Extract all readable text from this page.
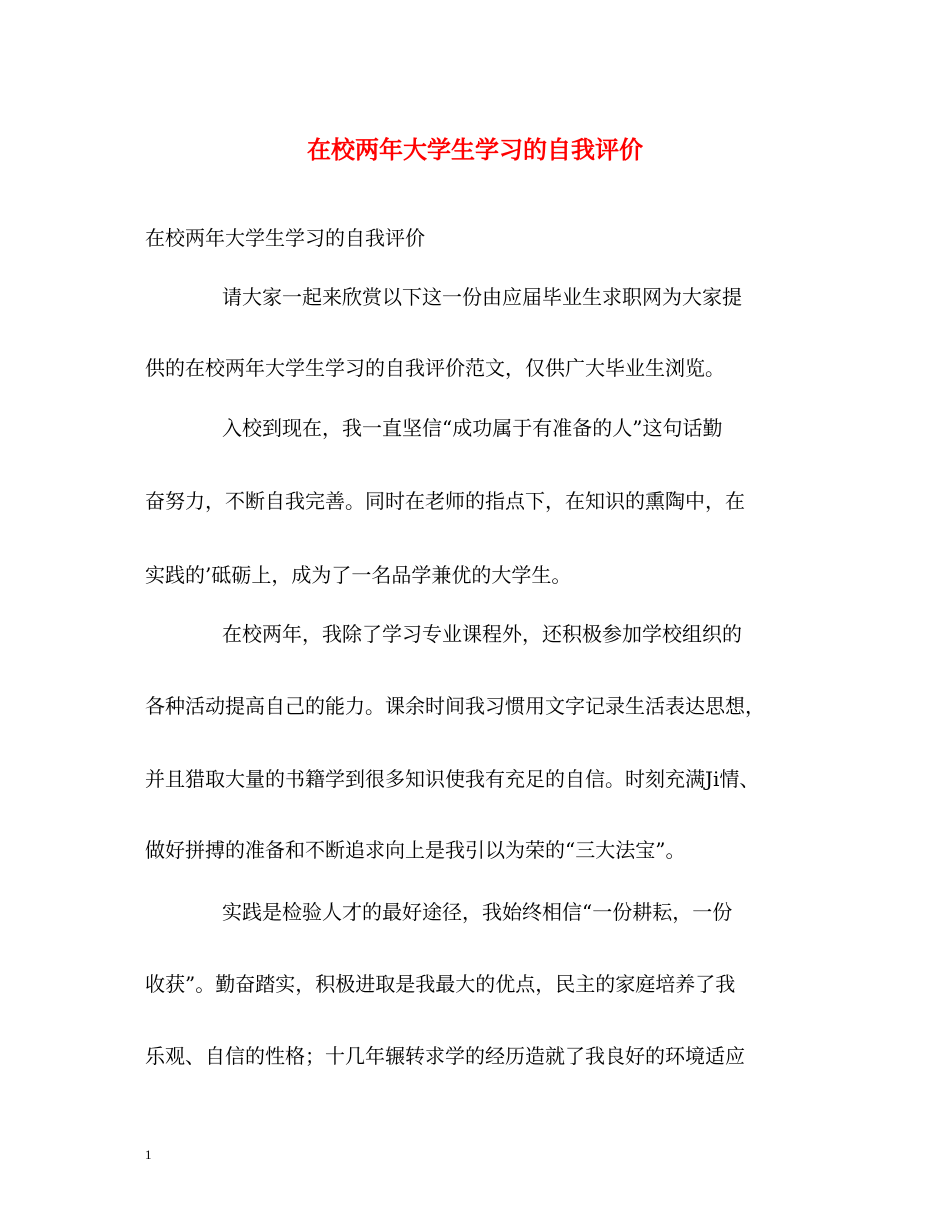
在校两年大学生学习的自我评价
在校两年大学生学习的自我评价
请大家一起来欣赏以下这一份由应届毕业生求职网为大家提
供的在校两年大学生学习的自我评价范文，仅供广大毕业生浏览。
入校到现在，我一直坚信“成功属于有准备的人”这句话勤
奋努力，不断自我完善。同时在老师的指点下，在知识的熏陶中，在
实践的’砥砺上，成为了一名品学兼优的大学生。
在校两年，我除了学习专业课程外，还积极参加学校组织的
各种活动提高自己的能力。课余时间我习惯用文字记录生活表达思想，
并且猎取大量的书籍学到很多知识使我有充足的自信。时刻充满Ji情、
做好拼搏的准备和不断追求向上是我引以为荣的“三大法宝”。
实践是检验人才的最好途径，我始终相信“一份耕耘，一份
收获”。勤奋踏实，积极进取是我最大的优点，民主的家庭培养了我
乐观、自信的性格；十几年辗转求学的经历造就了我良好的环境适应
1
